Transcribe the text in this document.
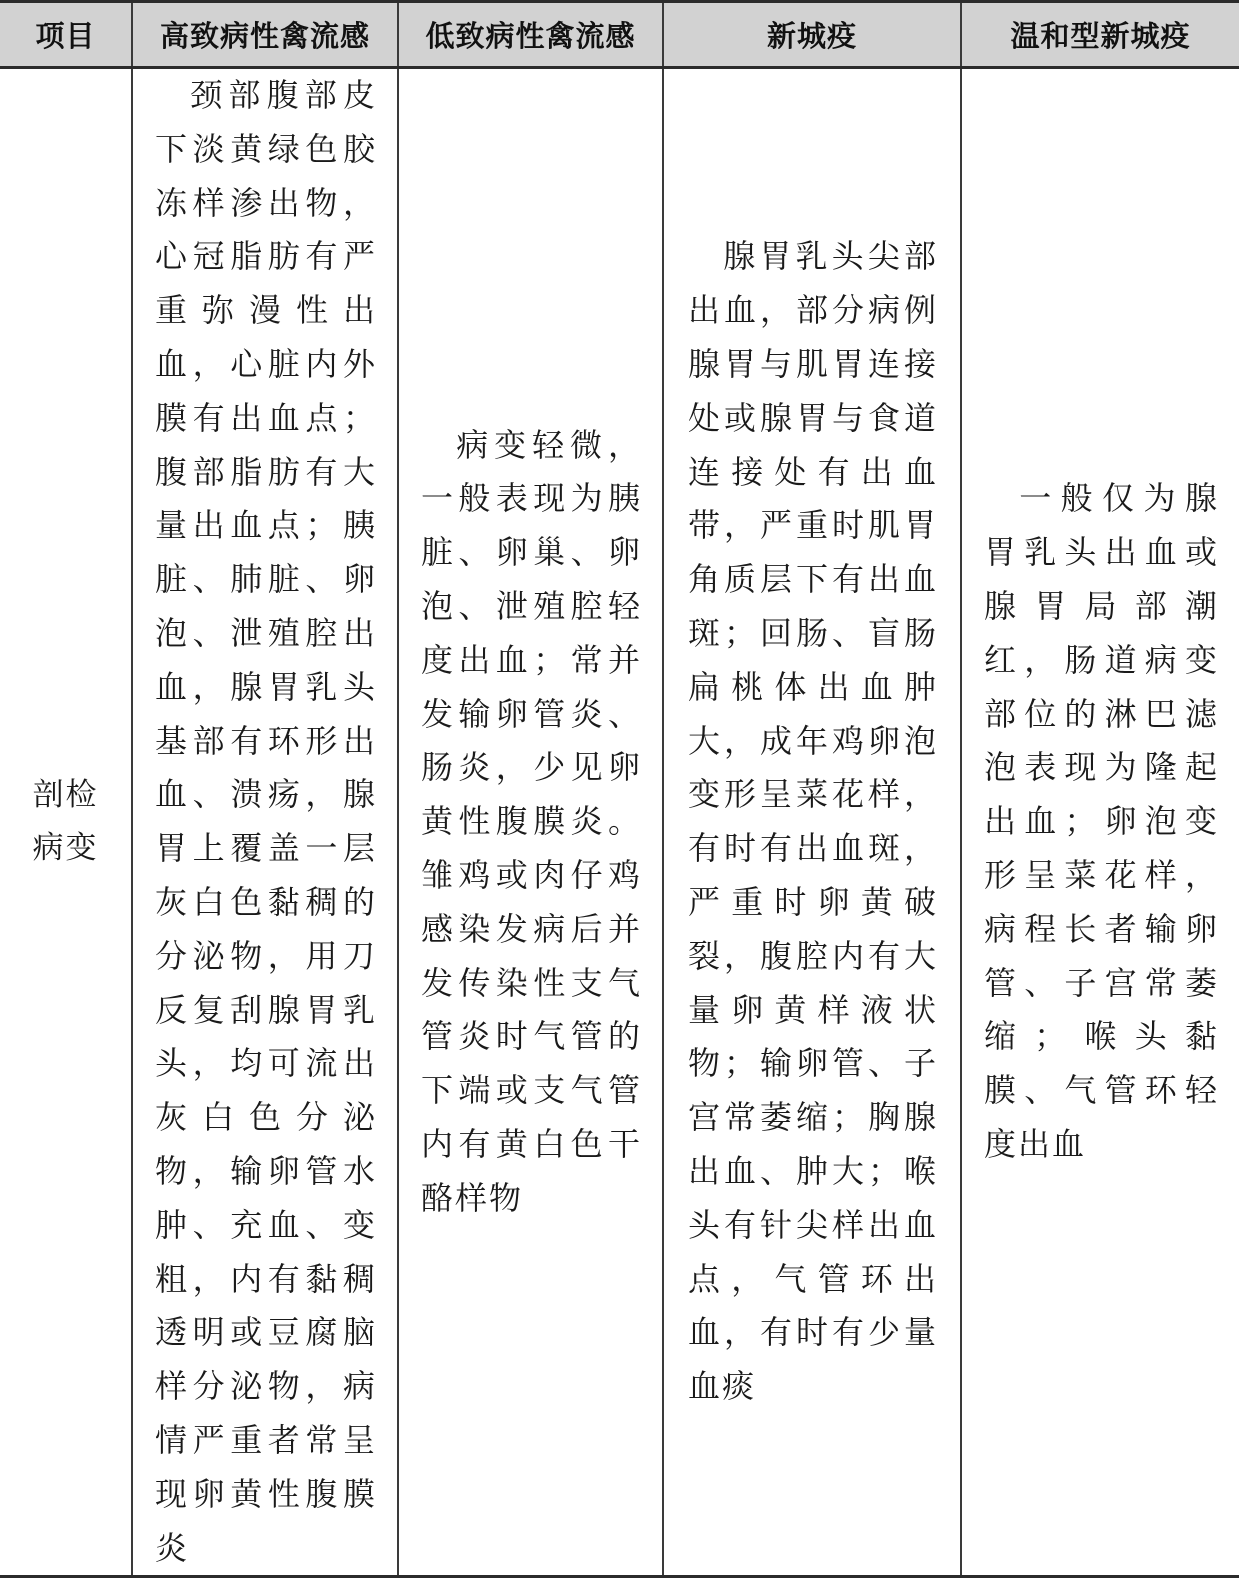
项目	高致病性禽流感	低致病性禽流感	新城疫	温和型新城疫

剖检
病变	颈部腹部皮下淡黄绿色胶冻样渗出物，心冠脂肪有严重弥漫性出血，心脏内外膜有出血点；腹部脂肪有大量出血点；胰脏、肺脏、卵泡、泄殖腔出血，腺胃乳头基部有环形出血、溃疡，腺胃上覆盖一层灰白色黏稠的分泌物，用刀反复刮腺胃乳头，均可流出灰白色分泌物，输卵管水肿、充血、变粗，内有黏稠透明或豆腐脑样分泌物，病情严重者常呈现卵黄性腹膜炎	病变轻微，一般表现为胰脏、卵巢、卵泡、泄殖腔轻度出血；常并发输卵管炎、肠炎，少见卵黄性腹膜炎。雏鸡或肉仔鸡感染发病后并发传染性支气管炎时气管的下端或支气管内有黄白色干酪样物	腺胃乳头尖部出血，部分病例腺胃与肌胃连接处或腺胃与食道连接处有出血带，严重时肌胃角质层下有出血斑；回肠、盲肠扁桃体出血肿大，成年鸡卵泡变形呈菜花样，有时有出血斑，严重时卵黄破裂，腹腔内有大量卵黄样液状物；输卵管、子宫常萎缩；胸腺出血、肿大；喉头有针尖样出血点，气管环出血，有时有少量血痰	一般仅为腺胃乳头出血或腺胃局部潮红，肠道病变部位的淋巴滤泡表现为隆起出血；卵泡变形呈菜花样，病程长者输卵管、子宫常萎缩；喉头黏膜、气管环轻度出血
